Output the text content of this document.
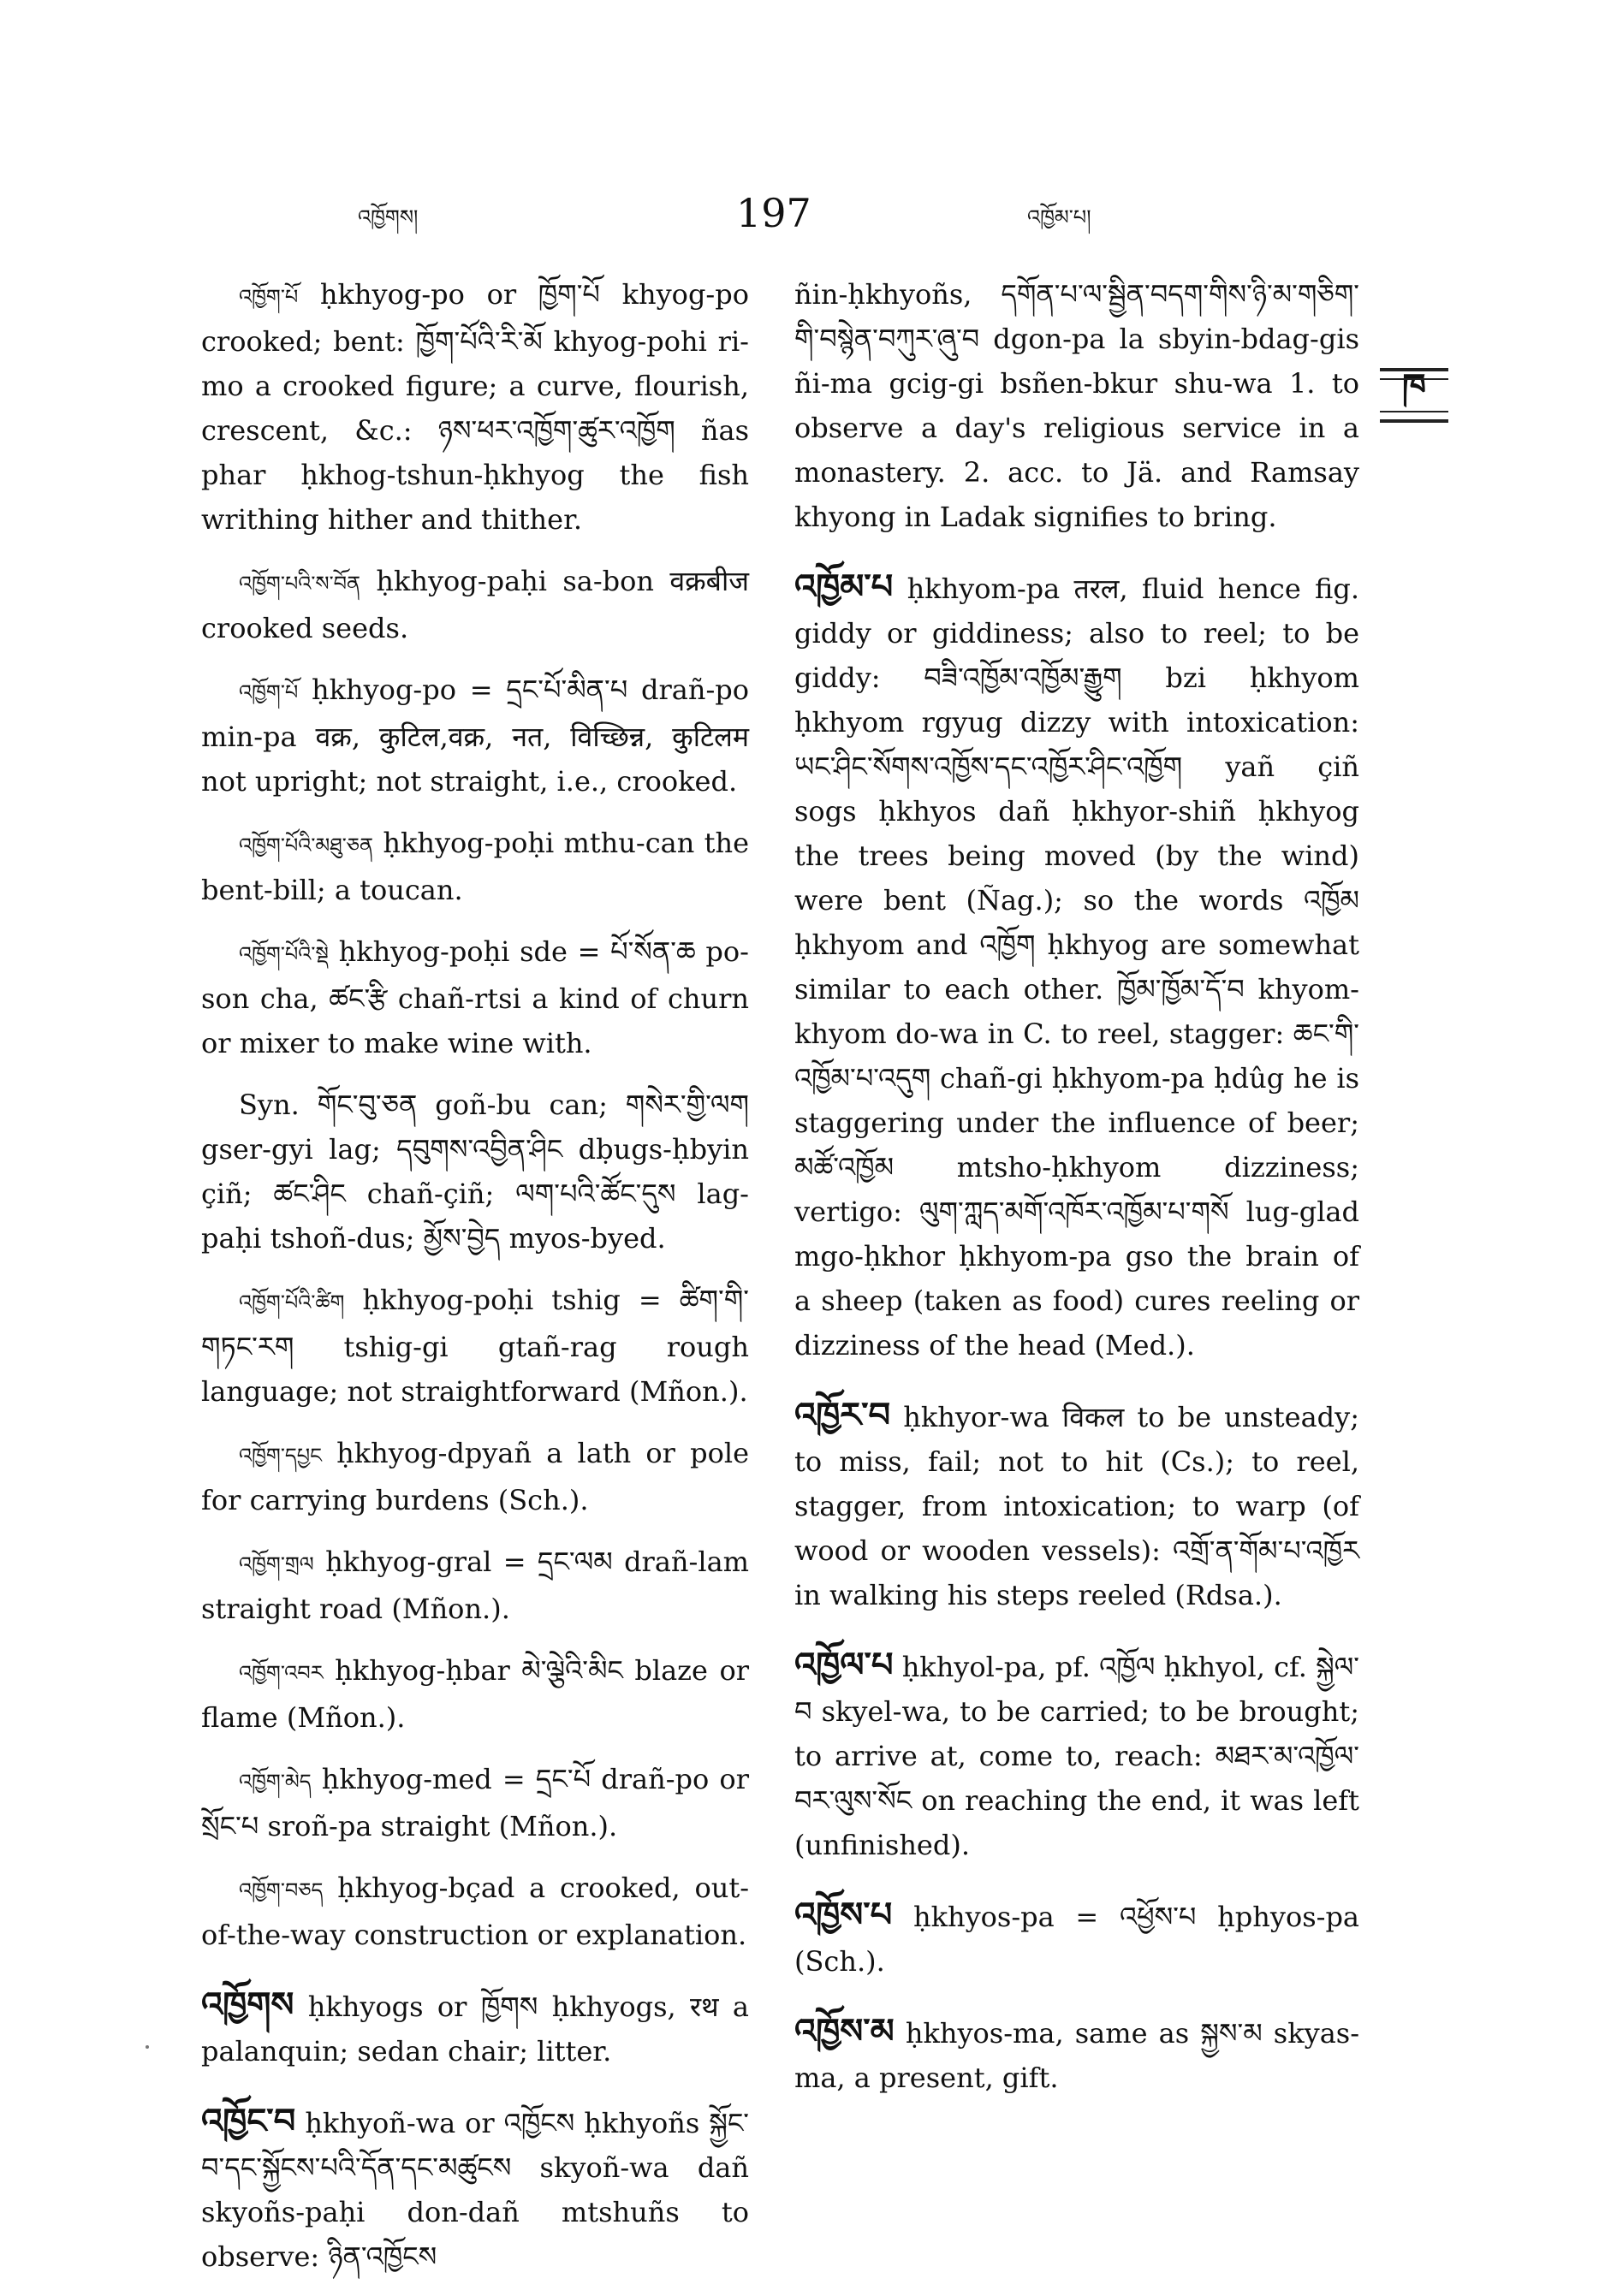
འཁྱོགས།	197	འཁྱོམ་པ།
ཁ

འཁྱོག་པོ ḥkhyog-po or ཁྱོག་པོ khyog-po crooked; bent: ཁྱོག་པོའི་རི་མོ khyog-pohi ri-mo a crooked figure; a curve, flourish, crescent, &c.: ཉས་ཕར་འཁྱོག་ཚུར་འཁྱོག ñas phar ḥkhog-tshun-ḥkhyog the fish writhing hither and thither.

འཁྱོག་པའི་ས་བོན ḥkhyog-paḥi sa-bon वक्रबीज crooked seeds.

འཁྱོག་པོ ḥkhyog-po = དྲང་པོ་མིན་པ drañ-po min-pa वक्र, कुटिल,वक्र, नत, विच्छिन्न, कुटिलम not upright; not straight, i.e., crooked.

འཁྱོག་པོའི་མཐུ་ཅན ḥkhyog-poḥi mthu-can the bent-bill; a toucan.

འཁྱོག་པོའི་སྡེ ḥkhyog-poḥi sde = པོ་སོན་ཆ po-son cha, ཚང་རྩི chañ-rtsi a kind of churn or mixer to make wine with.

Syn. གོང་བུ་ཅན goñ-bu can; གསེར་གྱི་ལག gser-gyi lag; དབུགས་འབྱིན་ཤིང dḅugs-ḥbyin çiñ; ཚང་ཤིང chañ-çiñ; ལག་པའི་ཚོང་དུས lag-paḥi tshoñ-dus; མྱོས་བྱེད myos-byed.

འཁྱོག་པོའི་ཚིག ḥkhyog-poḥi tshig = ཚིག་གི་གཏང་རག tshig-gi gtañ-rag rough language; not straightforward (Mñon.).

འཁྱོག་དཔྱང ḥkhyog-dpyañ a lath or pole for carrying burdens (Sch.).

འཁྱོག་གྲལ ḥkhyog-gral = དྲང་ལམ drañ-lam straight road (Mñon.).

འཁྱོག་འབར ḥkhyog-ḥbar མེ་ལྕེའི་མིང blaze or flame (Mñon.).

འཁྱོག་མེད ḥkhyog-med = དྲང་པོ drañ-po or སྲོང་པ sroñ-pa straight (Mñon.).

འཁྱོག་བཅད ḥkhyog-bçad a crooked, out-of-the-way construction or explanation.

འཁྱོགས ḥkhyogs or ཁྱོགས ḥkhyogs, रथ a palanquin; sedan chair; litter.

འཁྱོང་བ ḥkhyoñ-wa or འཁྱོངས ḥkhyoñs སྐྱོང་བ་དང་སྐྱོངས་པའི་དོན་དང་མཚུངས skyoñ-wa dañ skyoñs-paḥi don-dañ mtshuñs to observe: ཉིན་འཁྱོངས

ñin-ḥkhyoñs, དགོན་པ་ལ་སྦྱིན་བདག་གིས་ཉི་མ་གཅིག་གི་བསྙེན་བཀུར་ཞུ་བ dgon-pa la sbyin-bdag-gis ñi-ma gcig-gi bsñen-bkur shu-wa 1. to observe a day's religious service in a monastery. 2. acc. to Jä. and Ramsay khyong in Ladak signifies to bring.

འཁྱོམ་པ ḥkhyom-pa तरल, fluid hence fig. giddy or giddiness; also to reel; to be giddy: བཟི་འཁྱོམ་འཁྱོམ་རྒྱུག bzi ḥkhyom ḥkhyom rgyug dizzy with intoxication: ཡང་ཤིང་སོགས་འཁྱོས་དང་འཁྱོར་ཤིང་འཁྱོག yañ çiñ sogs ḥkhyos dañ ḥkhyor-shiñ ḥkhyog the trees being moved (by the wind) were bent (Ñag.); so the words འཁྱོམ ḥkhyom and འཁྱོག ḥkhyog are somewhat similar to each other. ཁྱོམ་ཁྱོམ་དོ་བ khyom-khyom do-wa in C. to reel, stagger: ཆང་གི་འཁྱོམ་པ་འདུག chañ-gi ḥkhyom-pa ḥdûg he is staggering under the influence of beer; མཚོ་འཁྱོམ mtsho-ḥkhyom dizziness; vertigo: ལུག་ཀླད་མགོ་འཁོར་འཁྱོམ་པ་གསོ lug-glad mgo-ḥkhor ḥkhyom-pa gso the brain of a sheep (taken as food) cures reeling or dizziness of the head (Med.).

འཁྱོར་བ ḥkhyor-wa विकल to be unsteady; to miss, fail; not to hit (Cs.); to reel, stagger, from intoxication; to warp (of wood or wooden vessels): འགྲོ་ན་གོམ་པ་འཁྱོར in walking his steps reeled (Rdsa.).

འཁྱོལ་པ ḥkhyol-pa, pf. འཁྱོལ ḥkhyol, cf. སྐྱེལ་བ skyel-wa, to be carried; to be brought; to arrive at, come to, reach: མཐར་མ་འཁྱོལ་བར་ལུས་སོང on reaching the end, it was left (unfinished).

འཁྱོས་པ ḥkhyos-pa = འཕྱོས་པ ḥphyos-pa (Sch.).

འཁྱོས་མ ḥkhyos-ma, same as སྐྱས་མ skyas-ma, a present, gift.
